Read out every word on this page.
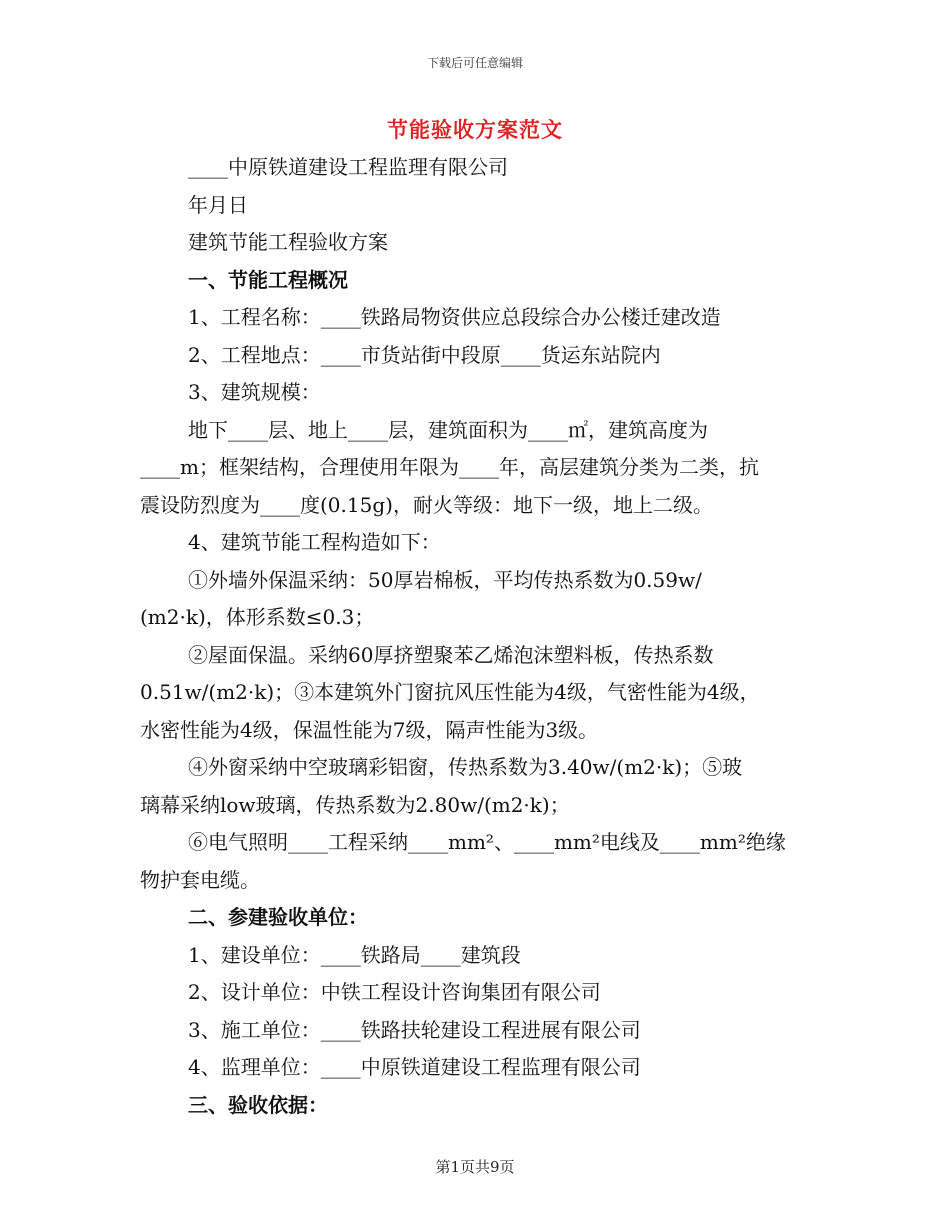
下载后可任意编辑
节能验收方案范文
____中原铁道建设工程监理有限公司
年月日
建筑节能工程验收方案
一、节能工程概况
1、工程名称：____铁路局物资供应总段综合办公楼迁建改造
2、工程地点：____市货站街中段原____货运东站院内
3、建筑规模：
地下____层、地上____层，建筑面积为____㎡，建筑高度为
____m；框架结构，合理使用年限为____年，高层建筑分类为二类，抗
震设防烈度为____度(0.15g)，耐火等级：地下一级，地上二级。
4、建筑节能工程构造如下：
①外墙外保温采纳：50厚岩棉板，平均传热系数为0.59w/
(m2·k)，体形系数≤0.3；
②屋面保温。采纳60厚挤塑聚苯乙烯泡沫塑料板，传热系数
0.51w/(m2·k)；③本建筑外门窗抗风压性能为4级，气密性能为4级，
水密性能为4级，保温性能为7级，隔声性能为3级。
④外窗采纳中空玻璃彩铝窗，传热系数为3.40w/(m2·k)；⑤玻
璃幕采纳low玻璃，传热系数为2.80w/(m2·k)；
⑥电气照明____工程采纳____mm²、____mm²电线及____mm²绝缘
物护套电缆。
二、参建验收单位：
1、建设单位：____铁路局____建筑段
2、设计单位：中铁工程设计咨询集团有限公司
3、施工单位：____铁路扶轮建设工程进展有限公司
4、监理单位：____中原铁道建设工程监理有限公司
三、验收依据：
第1页共9页
